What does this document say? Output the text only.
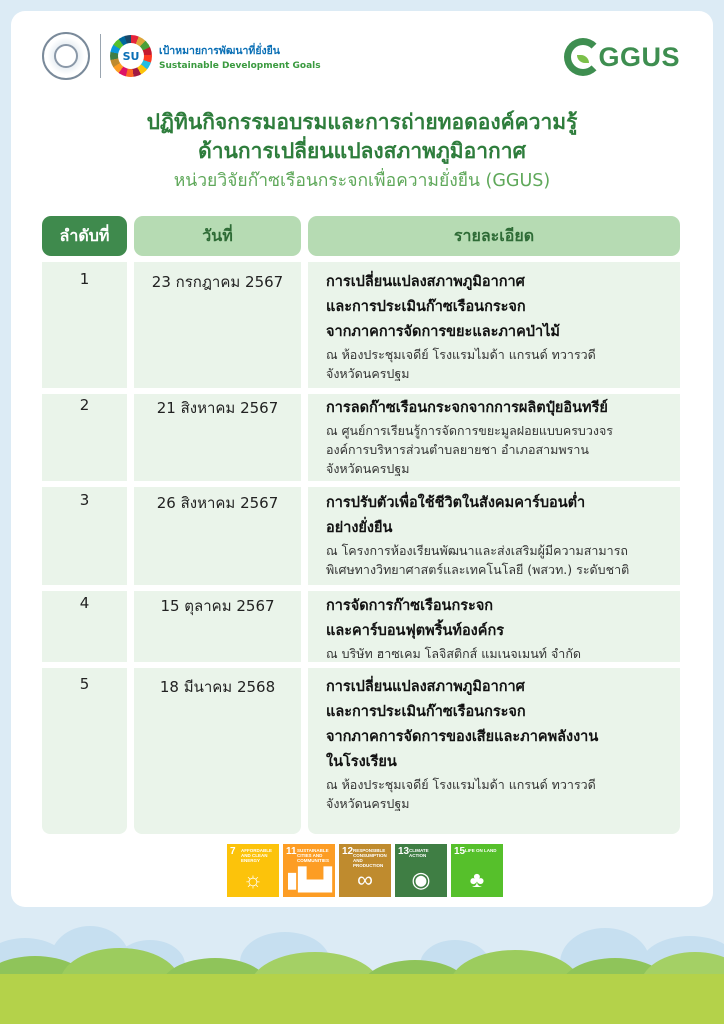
SU	เป้าหมายการพัฒนาที่ยั่งยืน
Sustainable Development Goals	GGUS
ปฏิทินกิจกรรมอบรมและการถ่ายทอดองค์ความรู้
ด้านการเปลี่ยนแปลงสภาพภูมิอากาศ
หน่วยวิจัยก๊าซเรือนกระจกเพื่อความยั่งยืน (GGUS)
ลำดับที่	วันที่	รายละเอียด
1	23 กรกฎาคม 2567	การเปลี่ยนแปลงสภาพภูมิอากาศ
และการประเมินก๊าซเรือนกระจก
จากภาคการจัดการขยะและภาคป่าไม้
ณ ห้องประชุมเจดีย์ โรงแรมไมด้า แกรนด์ ทวารวดี
จังหวัดนครปฐม
2	21 สิงหาคม 2567	การลดก๊าซเรือนกระจกจากการผลิตปุ๋ยอินทรีย์
ณ ศูนย์การเรียนรู้การจัดการขยะมูลฝอยแบบครบวงจร
องค์การบริหารส่วนตำบลยายชา อำเภอสามพราน
จังหวัดนครปฐม
3	26 สิงหาคม 2567	การปรับตัวเพื่อใช้ชีวิตในสังคมคาร์บอนต่ำ
อย่างยั่งยืน
ณ โครงการห้องเรียนพัฒนาและส่งเสริมผู้มีความสามารถ
พิเศษทางวิทยาศาสตร์และเทคโนโลยี (พสวท.) ระดับชาติ
4	15 ตุลาคม 2567	การจัดการก๊าซเรือนกระจก
และคาร์บอนฟุตพริ้นท์องค์กร
ณ บริษัท ฮาซเคม โลจิสติกส์ แมเนจเมนท์ จำกัด
5	18 มีนาคม 2568	การเปลี่ยนแปลงสภาพภูมิอากาศ
และการประเมินก๊าซเรือนกระจก
จากภาคการจัดการของเสียและภาคพลังงาน
ในโรงเรียน
ณ ห้องประชุมเจดีย์ โรงแรมไมด้า แกรนด์ ทวารวดี
จังหวัดนครปฐม
7 AFFORDABLE AND CLEAN ENERGY
☼
11 SUSTAINABLE CITIES AND COMMUNITIES
▮▙▟
12 RESPONSIBLE CONSUMPTION AND PRODUCTION
∞
13 CLIMATE ACTION
◉
15 LIFE ON LAND
♣
